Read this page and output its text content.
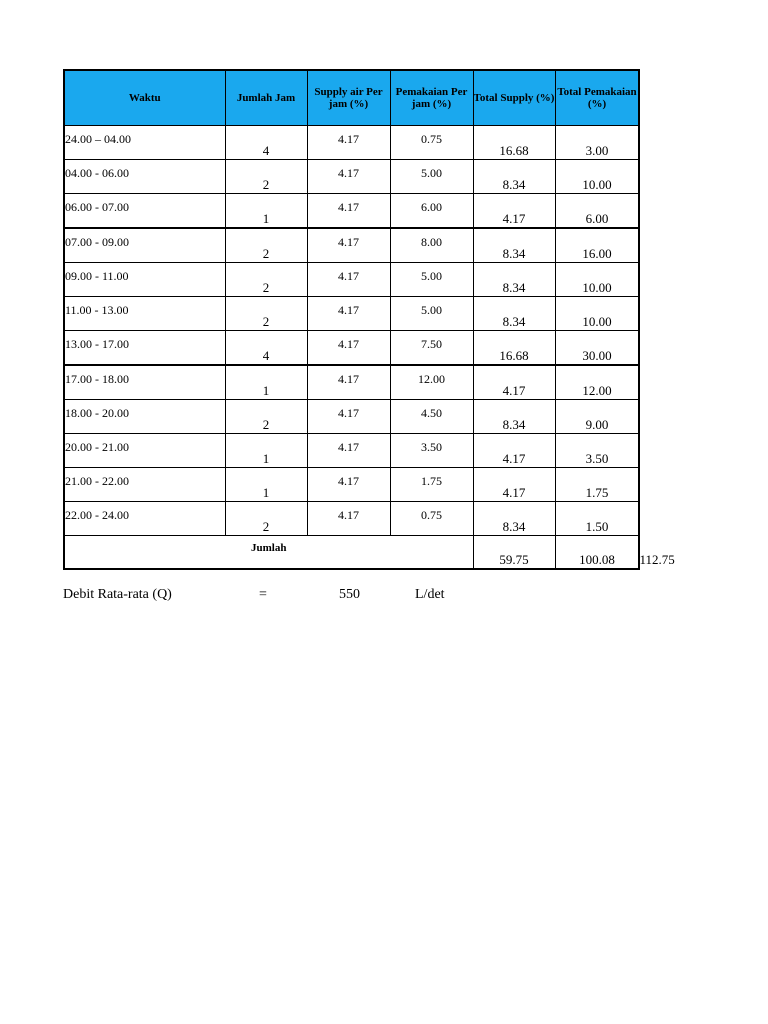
Waktu	Jumlah Jam	Supply air Per jam (%)	Pemakaian Per jam (%)	Total Supply (%)	Total Pemakaian (%)	
24.00 – 04.00	4	4.17	0.75	16.68	3.00	
04.00 - 06.00	2	4.17	5.00	8.34	10.00	
06.00 - 07.00	1	4.17	6.00	4.17	6.00	
07.00 - 09.00	2	4.17	8.00	8.34	16.00	
09.00 - 11.00	2	4.17	5.00	8.34	10.00	
11.00 - 13.00	2	4.17	5.00	8.34	10.00	
13.00 - 17.00	4	4.17	7.50	16.68	30.00	
17.00 - 18.00	1	4.17	12.00	4.17	12.00	
18.00 - 20.00	2	4.17	4.50	8.34	9.00	
20.00 - 21.00	1	4.17	3.50	4.17	3.50	
21.00 - 22.00	1	4.17	1.75	4.17	1.75	
22.00 - 24.00	2	4.17	0.75	8.34	1.50	
Jumlah				59.75	100.08	112.75
Debit Rata-rata (Q)	=	550	L/det
